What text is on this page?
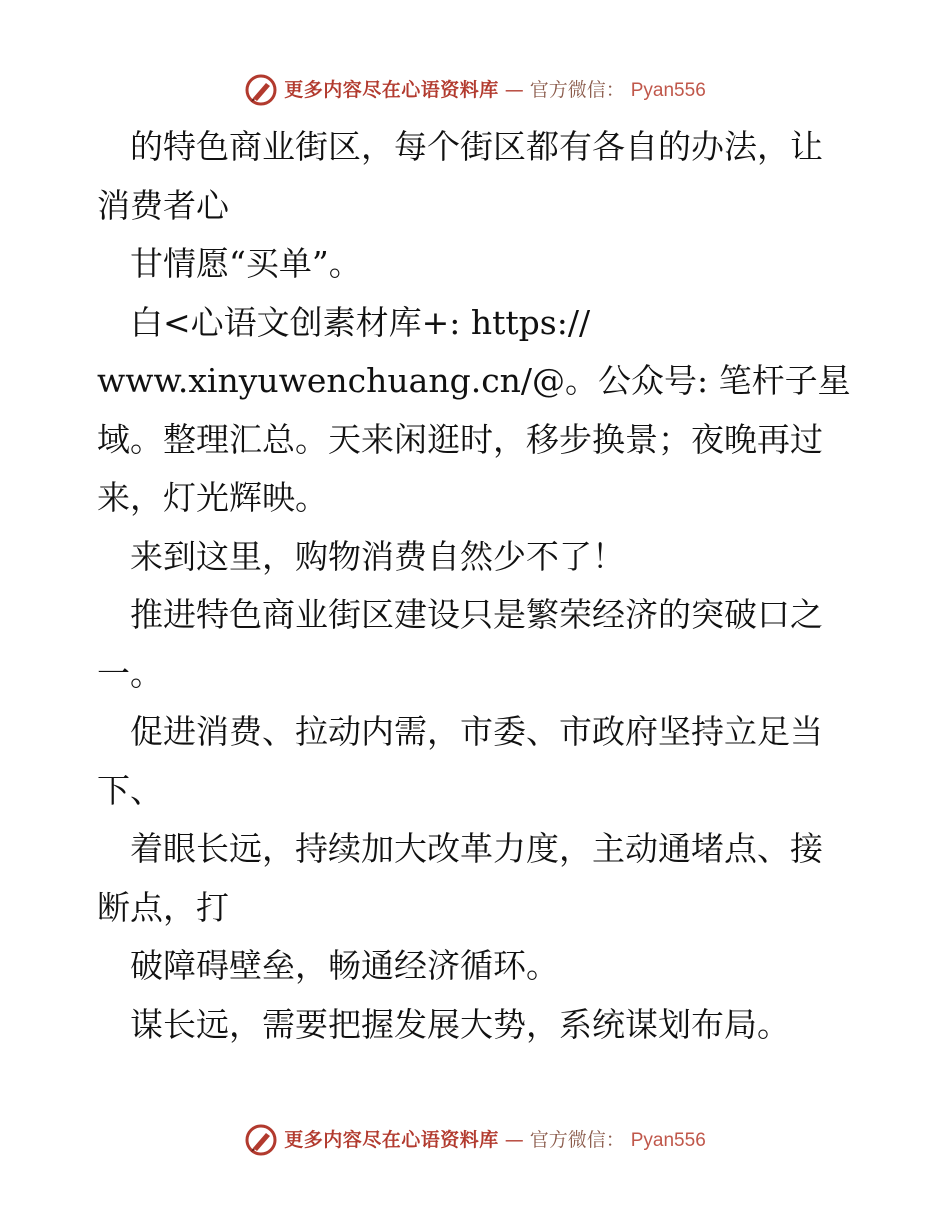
更多内容尽在心语资料库 — 官方微信： Pyan556

　的特色商业街区，每个街区都有各自的办法，让

消费者心

　甘情愿“买单”。

　白<心语文创素材库+: https://

www.xinyuwenchuang.cn/@。公众号: 笔杆子星

域。整理汇总。天来闲逛时，移步换景；夜晚再过

来，灯光辉映。

　来到这里，购物消费自然少不了！

　推进特色商业街区建设只是繁荣经济的突破口之

一。

　促进消费、拉动内需，市委、市政府坚持立足当

下、

　着眼长远，持续加大改革力度，主动通堵点、接

断点，打

　破障碍壁垒，畅通经济循环。

　谋长远，需要把握发展大势，系统谋划布局。

更多内容尽在心语资料库 — 官方微信： Pyan556
